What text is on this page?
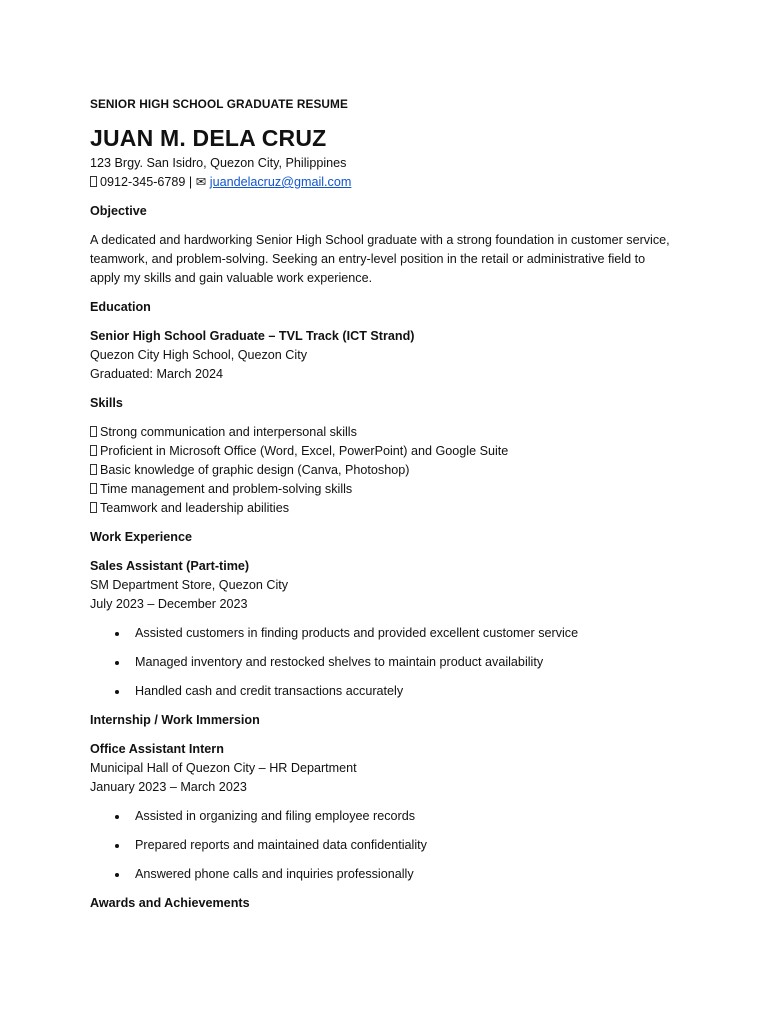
SENIOR HIGH SCHOOL GRADUATE RESUME
JUAN M. DELA CRUZ
123 Brgy. San Isidro, Quezon City, Philippines
0912-345-6789 | ✉ juandelacruz@gmail.com
Objective
A dedicated and hardworking Senior High School graduate with a strong foundation in customer service, teamwork, and problem-solving. Seeking an entry-level position in the retail or administrative field to apply my skills and gain valuable work experience.
Education
Senior High School Graduate – TVL Track (ICT Strand)
Quezon City High School, Quezon City
Graduated: March 2024
Skills
Strong communication and interpersonal skills
Proficient in Microsoft Office (Word, Excel, PowerPoint) and Google Suite
Basic knowledge of graphic design (Canva, Photoshop)
Time management and problem-solving skills
Teamwork and leadership abilities
Work Experience
Sales Assistant (Part-time)
SM Department Store, Quezon City
July 2023 – December 2023
Assisted customers in finding products and provided excellent customer service
Managed inventory and restocked shelves to maintain product availability
Handled cash and credit transactions accurately
Internship / Work Immersion
Office Assistant Intern
Municipal Hall of Quezon City – HR Department
January 2023 – March 2023
Assisted in organizing and filing employee records
Prepared reports and maintained data confidentiality
Answered phone calls and inquiries professionally
Awards and Achievements
